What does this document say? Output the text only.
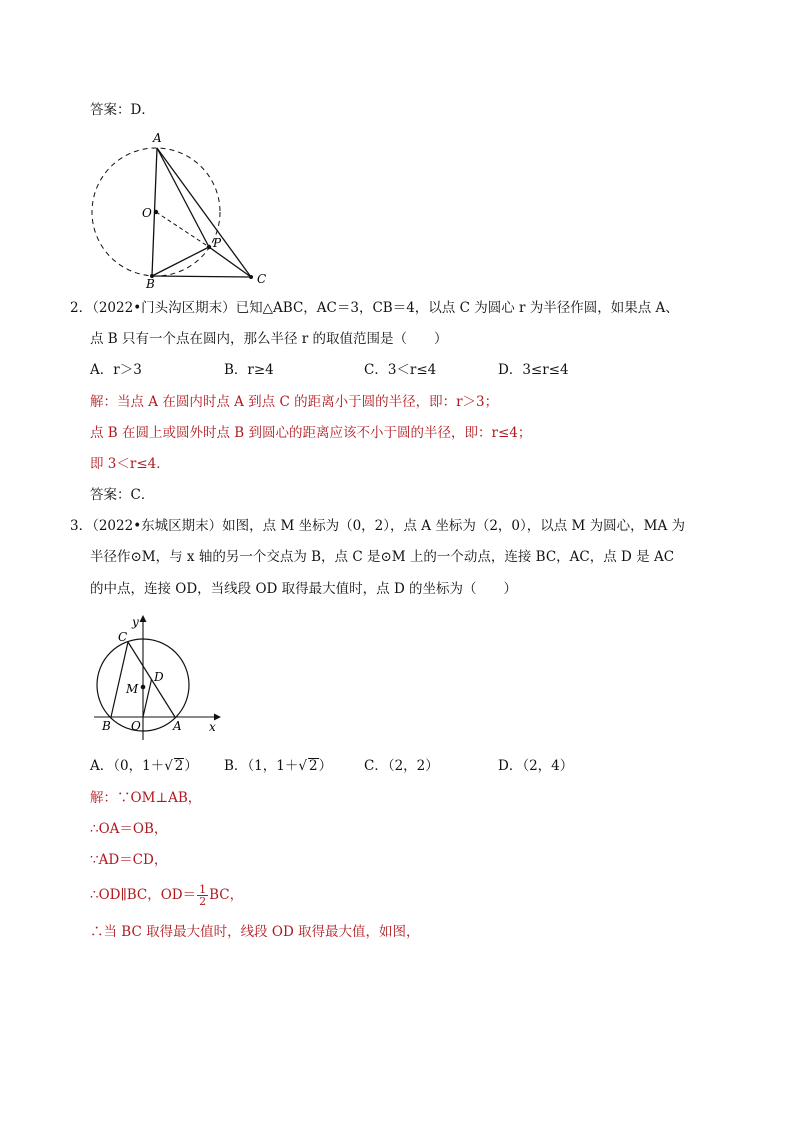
答案：D．
A
O
P
B	C
2．（2022•门头沟区期末）已知△ABC，AC＝3，CB＝4，以点 C 为圆心 r 为半径作圆，如果点 A、
点 B 只有一个点在圆内，那么半径 r 的取值范围是（　　）
A．r＞3	B．r≥4	C．3＜r≤4	D．3≤r≤4
解：当点 A 在圆内时点 A 到点 C 的距离小于圆的半径，即：r＞3；
点 B 在圆上或圆外时点 B 到圆心的距离应该不小于圆的半径，即：r≤4；
即 3＜r≤4．
答案：C．
3．（2022•东城区期末）如图，点 M 坐标为（0，2），点 A 坐标为（2，0），以点 M 为圆心，MA 为
半径作⊙M，与 x 轴的另一个交点为 B，点 C 是⊙M 上的一个动点，连接 BC，AC，点 D 是 AC
的中点，连接 OD，当线段 OD 取得最大值时，点 D 的坐标为（　　）
y
x
C
M
D
B O	A
A．（0，1＋√ 2） B．（1，1＋√ 2） C．（2，2）	D．（2，4）
解：∵OM⊥AB，
∴OA＝OB，
∵AD＝CD，
∴OD∥BC，$OD= \frac{1}{2}$ BC，
∴当 BC 取得最大值时，线段 OD 取得最大值，如图，
